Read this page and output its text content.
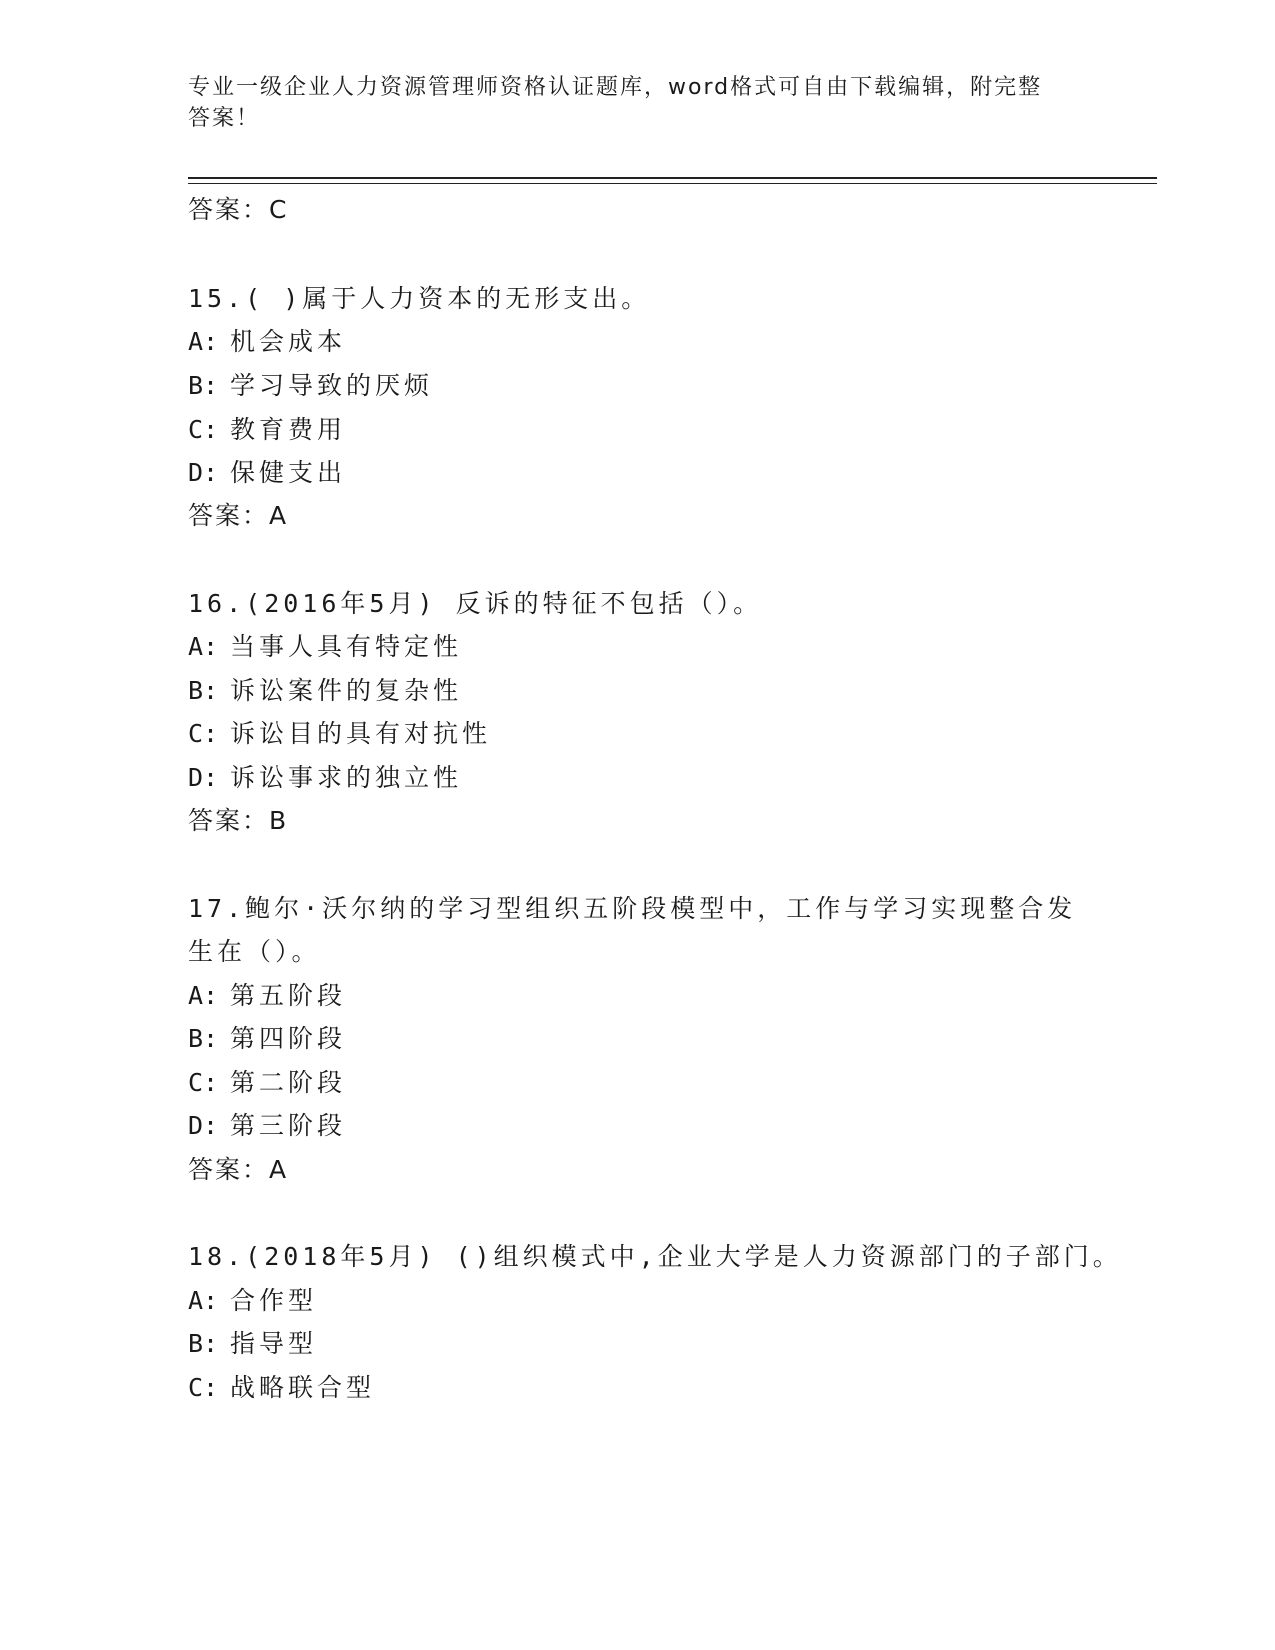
专业一级企业人力资源管理师资格认证题库，word格式可自由下载编辑，附完整
答案！
答案：C
15.( )属于人力资本的无形支出。
A: 机会成本
B: 学习导致的厌烦
C: 教育费用
D: 保健支出
答案：A
16.(2016年5月) 反诉的特征不包括（）。
A: 当事人具有特定性
B: 诉讼案件的复杂性
C: 诉讼目的具有对抗性
D: 诉讼事求的独立性
答案：B
17.鲍尔·沃尔纳的学习型组织五阶段模型中，工作与学习实现整合发
生在（）。
A: 第五阶段
B: 第四阶段
C: 第二阶段
D: 第三阶段
答案：A
18.(2018年5月) ()组织模式中,企业大学是人力资源部门的子部门。
A: 合作型
B: 指导型
C: 战略联合型
